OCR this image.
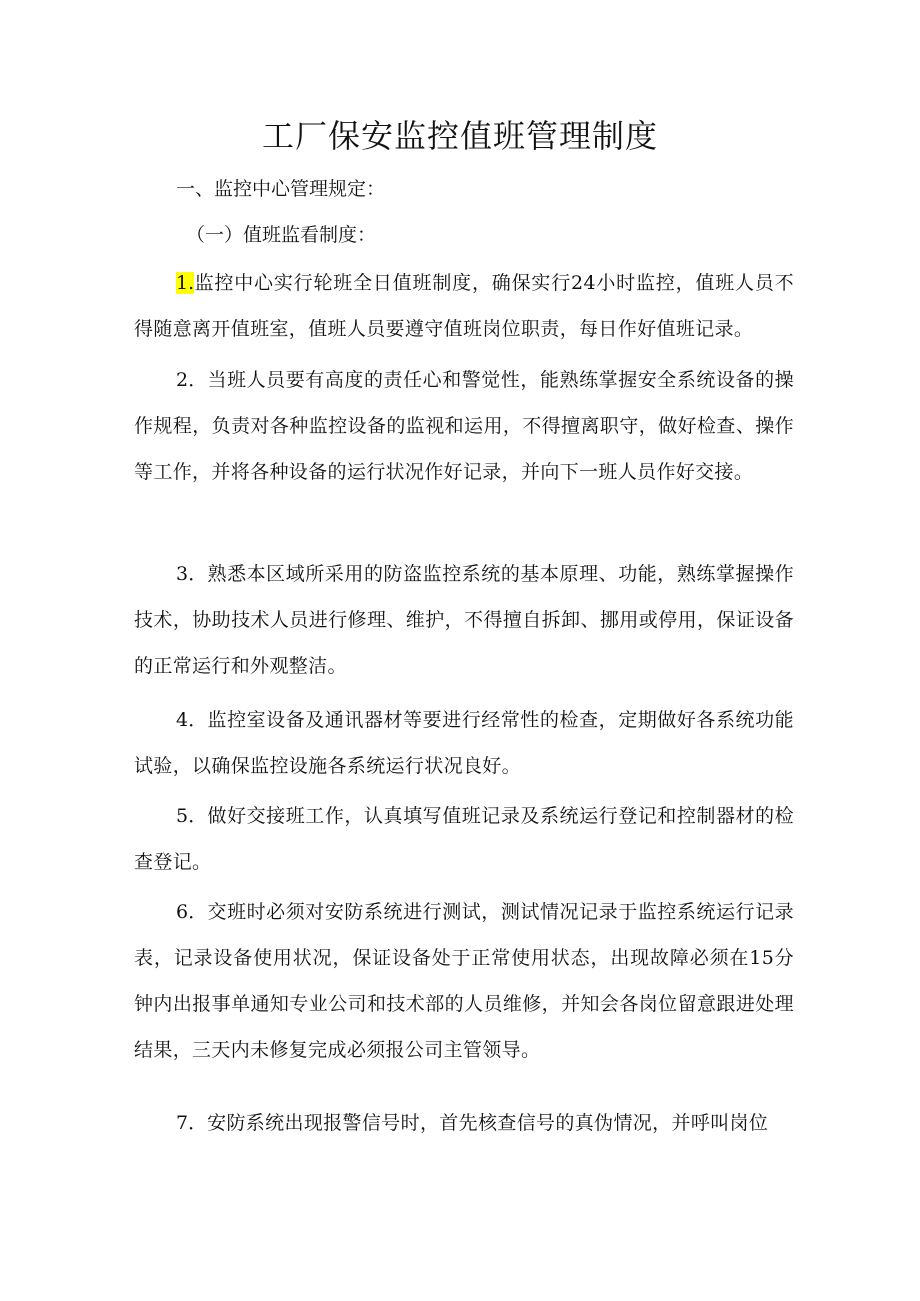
工厂保安监控值班管理制度

一、监控中心管理规定：

（一）值班监看制度：

1.监控中心实行轮班全日值班制度，确保实行24小时监控，值班人员不得随意离开值班室，值班人员要遵守值班岗位职责，每日作好值班记录。

2．当班人员要有高度的责任心和警觉性，能熟练掌握安全系统设备的操作规程，负责对各种监控设备的监视和运用，不得擅离职守，做好检查、操作等工作，并将各种设备的运行状况作好记录，并向下一班人员作好交接。

3．熟悉本区域所采用的防盗监控系统的基本原理、功能，熟练掌握操作技术，协助技术人员进行修理、维护，不得擅自拆卸、挪用或停用，保证设备的正常运行和外观整洁。

4．监控室设备及通讯器材等要进行经常性的检查，定期做好各系统功能试验，以确保监控设施各系统运行状况良好。

5．做好交接班工作，认真填写值班记录及系统运行登记和控制器材的检查登记。

6．交班时必须对安防系统进行测试，测试情况记录于监控系统运行记录表，记录设备使用状况，保证设备处于正常使用状态，出现故障必须在15分钟内出报事单通知专业公司和技术部的人员维修，并知会各岗位留意跟进处理结果，三天内未修复完成必须报公司主管领导。

7．安防系统出现报警信号时，首先核查信号的真伪情况，并呼叫岗位
